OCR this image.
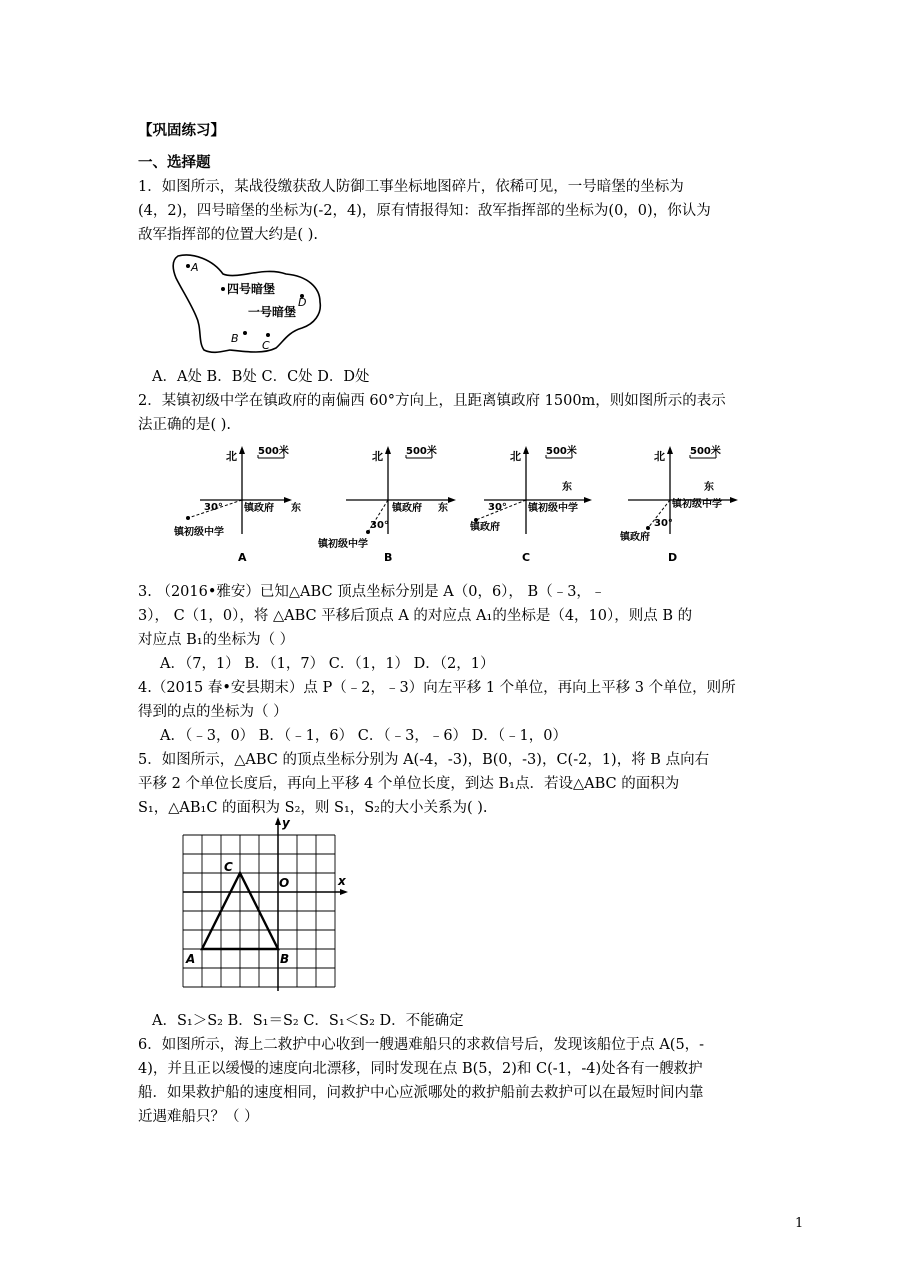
【巩固练习】
一、选择题
1．如图所示，某战役缴获敌人防御工事坐标地图碎片，依稀可见，一号暗堡的坐标为
(4，2)，四号暗堡的坐标为(-2，4)，原有情报得知：敌军指挥部的坐标为(0，0)，你认为
敌军指挥部的位置大约是( ).
A
四号暗堡
一号暗堡
D
B
C
A．A处 B．B处 C．C处 D．D处
2．某镇初级中学在镇政府的南偏西 60°方向上，且距离镇政府 1500m，则如图所示的表示
法正确的是( ).
北 500米
镇政府 东
30°
镇初级中学
A
北 500米
镇政府 东
30°
镇初级中学
B
北	500米
东
镇初级中学
30°
镇政府
C
北	500米
东
镇初级中学
30°
镇政府
D
3. （2016•雅安）已知△ABC 顶点坐标分别是 A（0，6）， B（﹣3，﹣
3）， C（1，0），将 △ABC 平移后顶点 A 的对应点 A₁的坐标是（4，10），则点 B 的
对应点 B₁的坐标为（ ）
A．（7，1） B．（1，7） C．（1，1） D．（2，1）
4.（2015 春•安县期末）点 P（﹣2，﹣3）向左平移 1 个单位，再向上平移 3 个单位，则所
得到的点的坐标为（ ）
A．（﹣3，0） B．（﹣1，6） C．（﹣3，﹣6） D．（﹣1，0）
5．如图所示，△ABC 的顶点坐标分别为 A(-4，-3)，B(0，-3)，C(-2，1)，将 B 点向右
平移 2 个单位长度后，再向上平移 4 个单位长度，到达 B₁点．若设△ABC 的面积为
S₁，△AB₁C 的面积为 S₂，则 S₁，S₂的大小关系为( ).
y
x
O
C
A	B
A．S₁＞S₂ B．S₁＝S₂ C．S₁＜S₂ D．不能确定
6．如图所示，海上二救护中心收到一艘遇难船只的求救信号后，发现该船位于点 A(5，-
4)，并且正以缓慢的速度向北漂移，同时发现在点 B(5，2)和 C(-1，-4)处各有一艘救护
船．如果救护船的速度相同，问救护中心应派哪处的救护船前去救护可以在最短时间内靠
近遇难船只？（ ）
1
